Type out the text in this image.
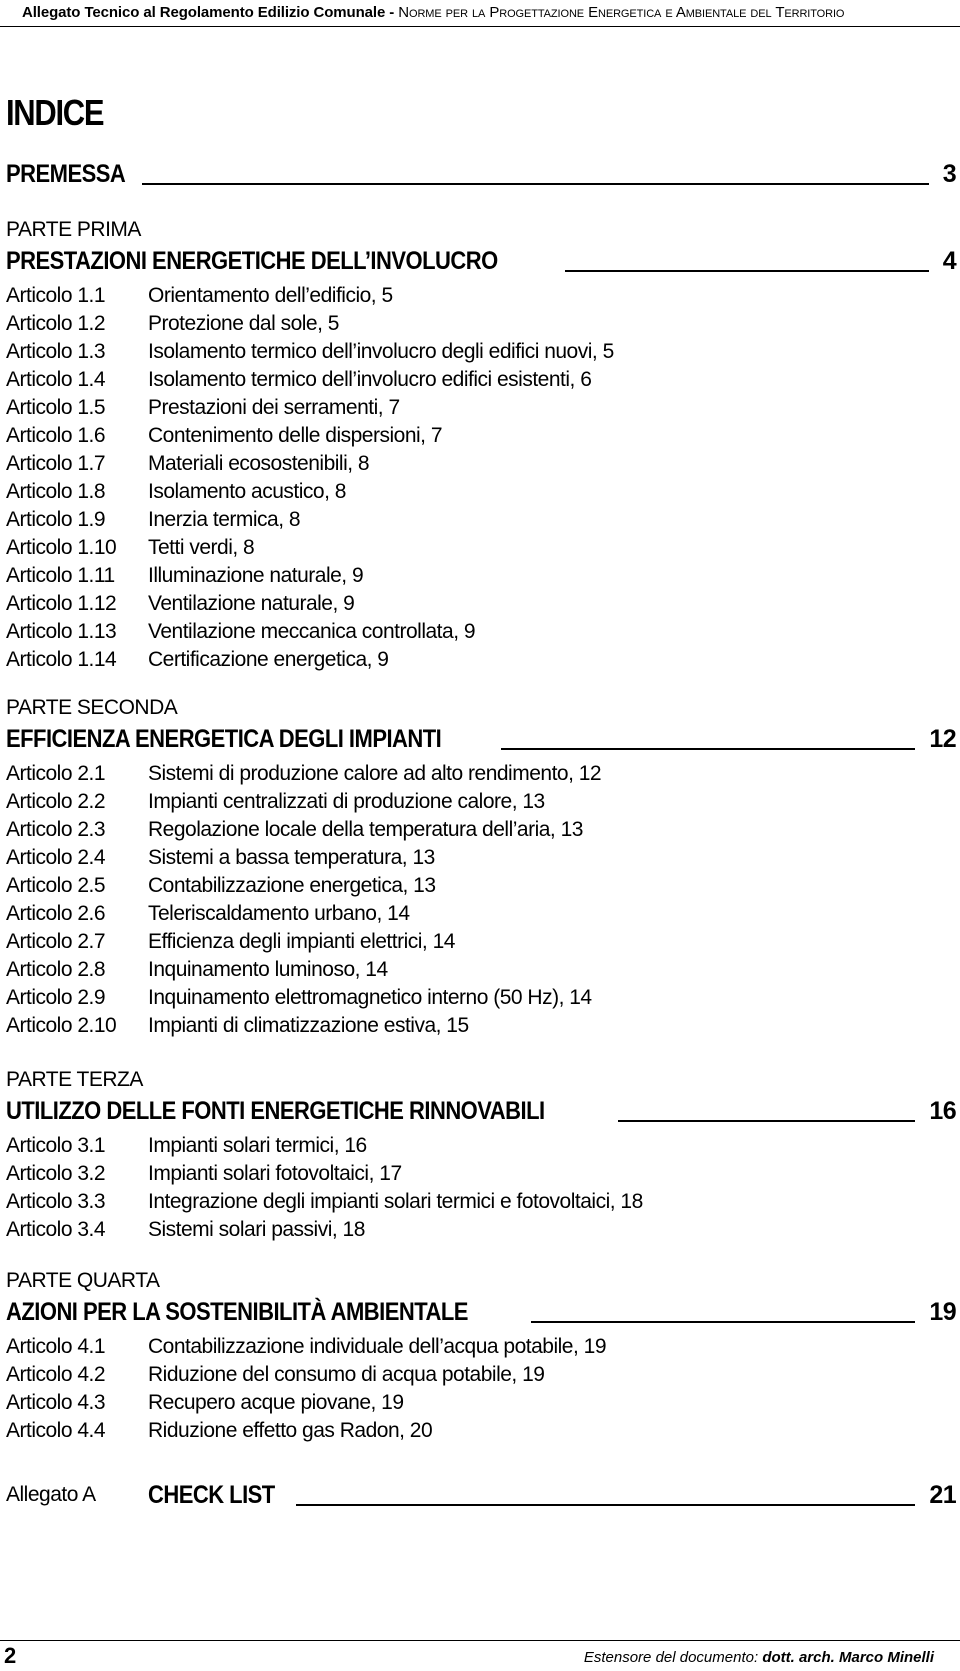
Allegato Tecnico al Regolamento Edilizio Comunale - Norme per la Progettazione Energetica e Ambientale del Territorio
INDICE
PREMESSA	3
PARTE PRIMA
PRESTAZIONI ENERGETICHE DELL’INVOLUCRO	4
Articolo 1.1 Orientamento dell’edificio, 5
Articolo 1.2 Protezione dal sole, 5
Articolo 1.3 Isolamento termico dell’involucro degli edifici nuovi, 5
Articolo 1.4 Isolamento termico dell’involucro edifici esistenti, 6
Articolo 1.5 Prestazioni dei serramenti, 7
Articolo 1.6 Contenimento delle dispersioni, 7
Articolo 1.7 Materiali ecosostenibili, 8
Articolo 1.8 Isolamento acustico, 8
Articolo 1.9 Inerzia termica, 8
Articolo 1.10 Tetti verdi, 8
Articolo 1.11 Illuminazione naturale, 9
Articolo 1.12 Ventilazione naturale, 9
Articolo 1.13 Ventilazione meccanica controllata, 9
Articolo 1.14 Certificazione energetica, 9
PARTE SECONDA
EFFICIENZA ENERGETICA DEGLI IMPIANTI	12
Articolo 2.1 Sistemi di produzione calore ad alto rendimento, 12
Articolo 2.2 Impianti centralizzati di produzione calore, 13
Articolo 2.3 Regolazione locale della temperatura dell’aria, 13
Articolo 2.4 Sistemi a bassa temperatura, 13
Articolo 2.5 Contabilizzazione energetica, 13
Articolo 2.6 Teleriscaldamento urbano, 14
Articolo 2.7 Efficienza degli impianti elettrici, 14
Articolo 2.8 Inquinamento luminoso, 14
Articolo 2.9 Inquinamento elettromagnetico interno (50 Hz), 14
Articolo 2.10 Impianti di climatizzazione estiva, 15
PARTE TERZA
UTILIZZO DELLE FONTI ENERGETICHE RINNOVABILI	16
Articolo 3.1 Impianti solari termici, 16
Articolo 3.2 Impianti solari fotovoltaici, 17
Articolo 3.3 Integrazione degli impianti solari termici e fotovoltaici, 18
Articolo 3.4 Sistemi solari passivi, 18
PARTE QUARTA
AZIONI PER LA SOSTENIBILITÀ AMBIENTALE	19
Articolo 4.1 Contabilizzazione individuale dell’acqua potabile, 19
Articolo 4.2 Riduzione del consumo di acqua potabile, 19
Articolo 4.3 Recupero acque piovane, 19
Articolo 4.4 Riduzione effetto gas Radon, 20
Allegato A	CHECK LIST	21
2	Estensore del documento: dott. arch. Marco Minelli
